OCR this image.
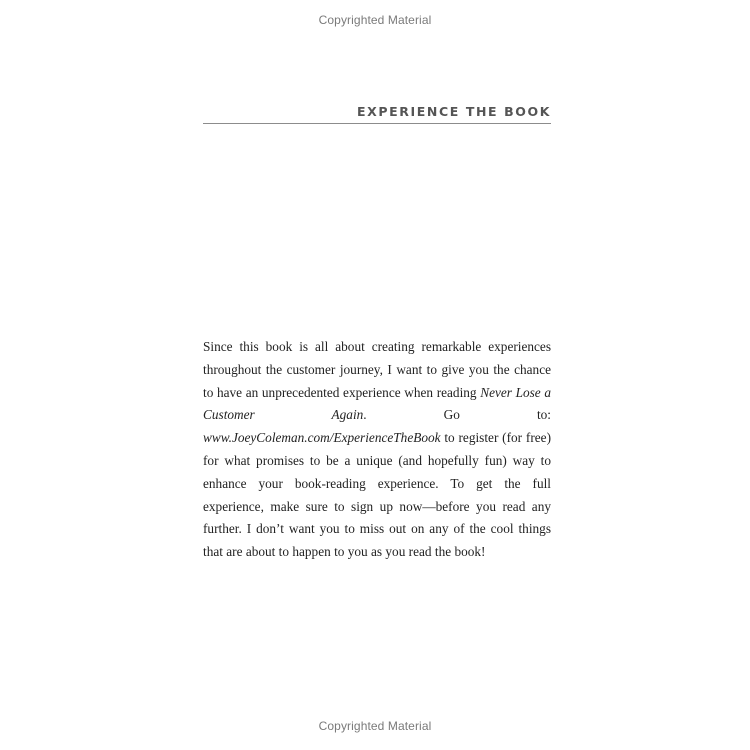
Copyrighted Material
EXPERIENCE THE BOOK

Since this book is all about creating remarkable experiences throughout the customer journey, I want to give you the chance to have an unprecedented experience when reading Never Lose a Customer Again. Go to: www.JoeyColeman.com/ExperienceTheBook to register (for free) for what promises to be a unique (and hopefully fun) way to enhance your book-reading experience. To get the full experience, make sure to sign up now—before you read any further. I don’t want you to miss out on any of the cool things that are about to happen to you as you read the book!

Copyrighted Material
